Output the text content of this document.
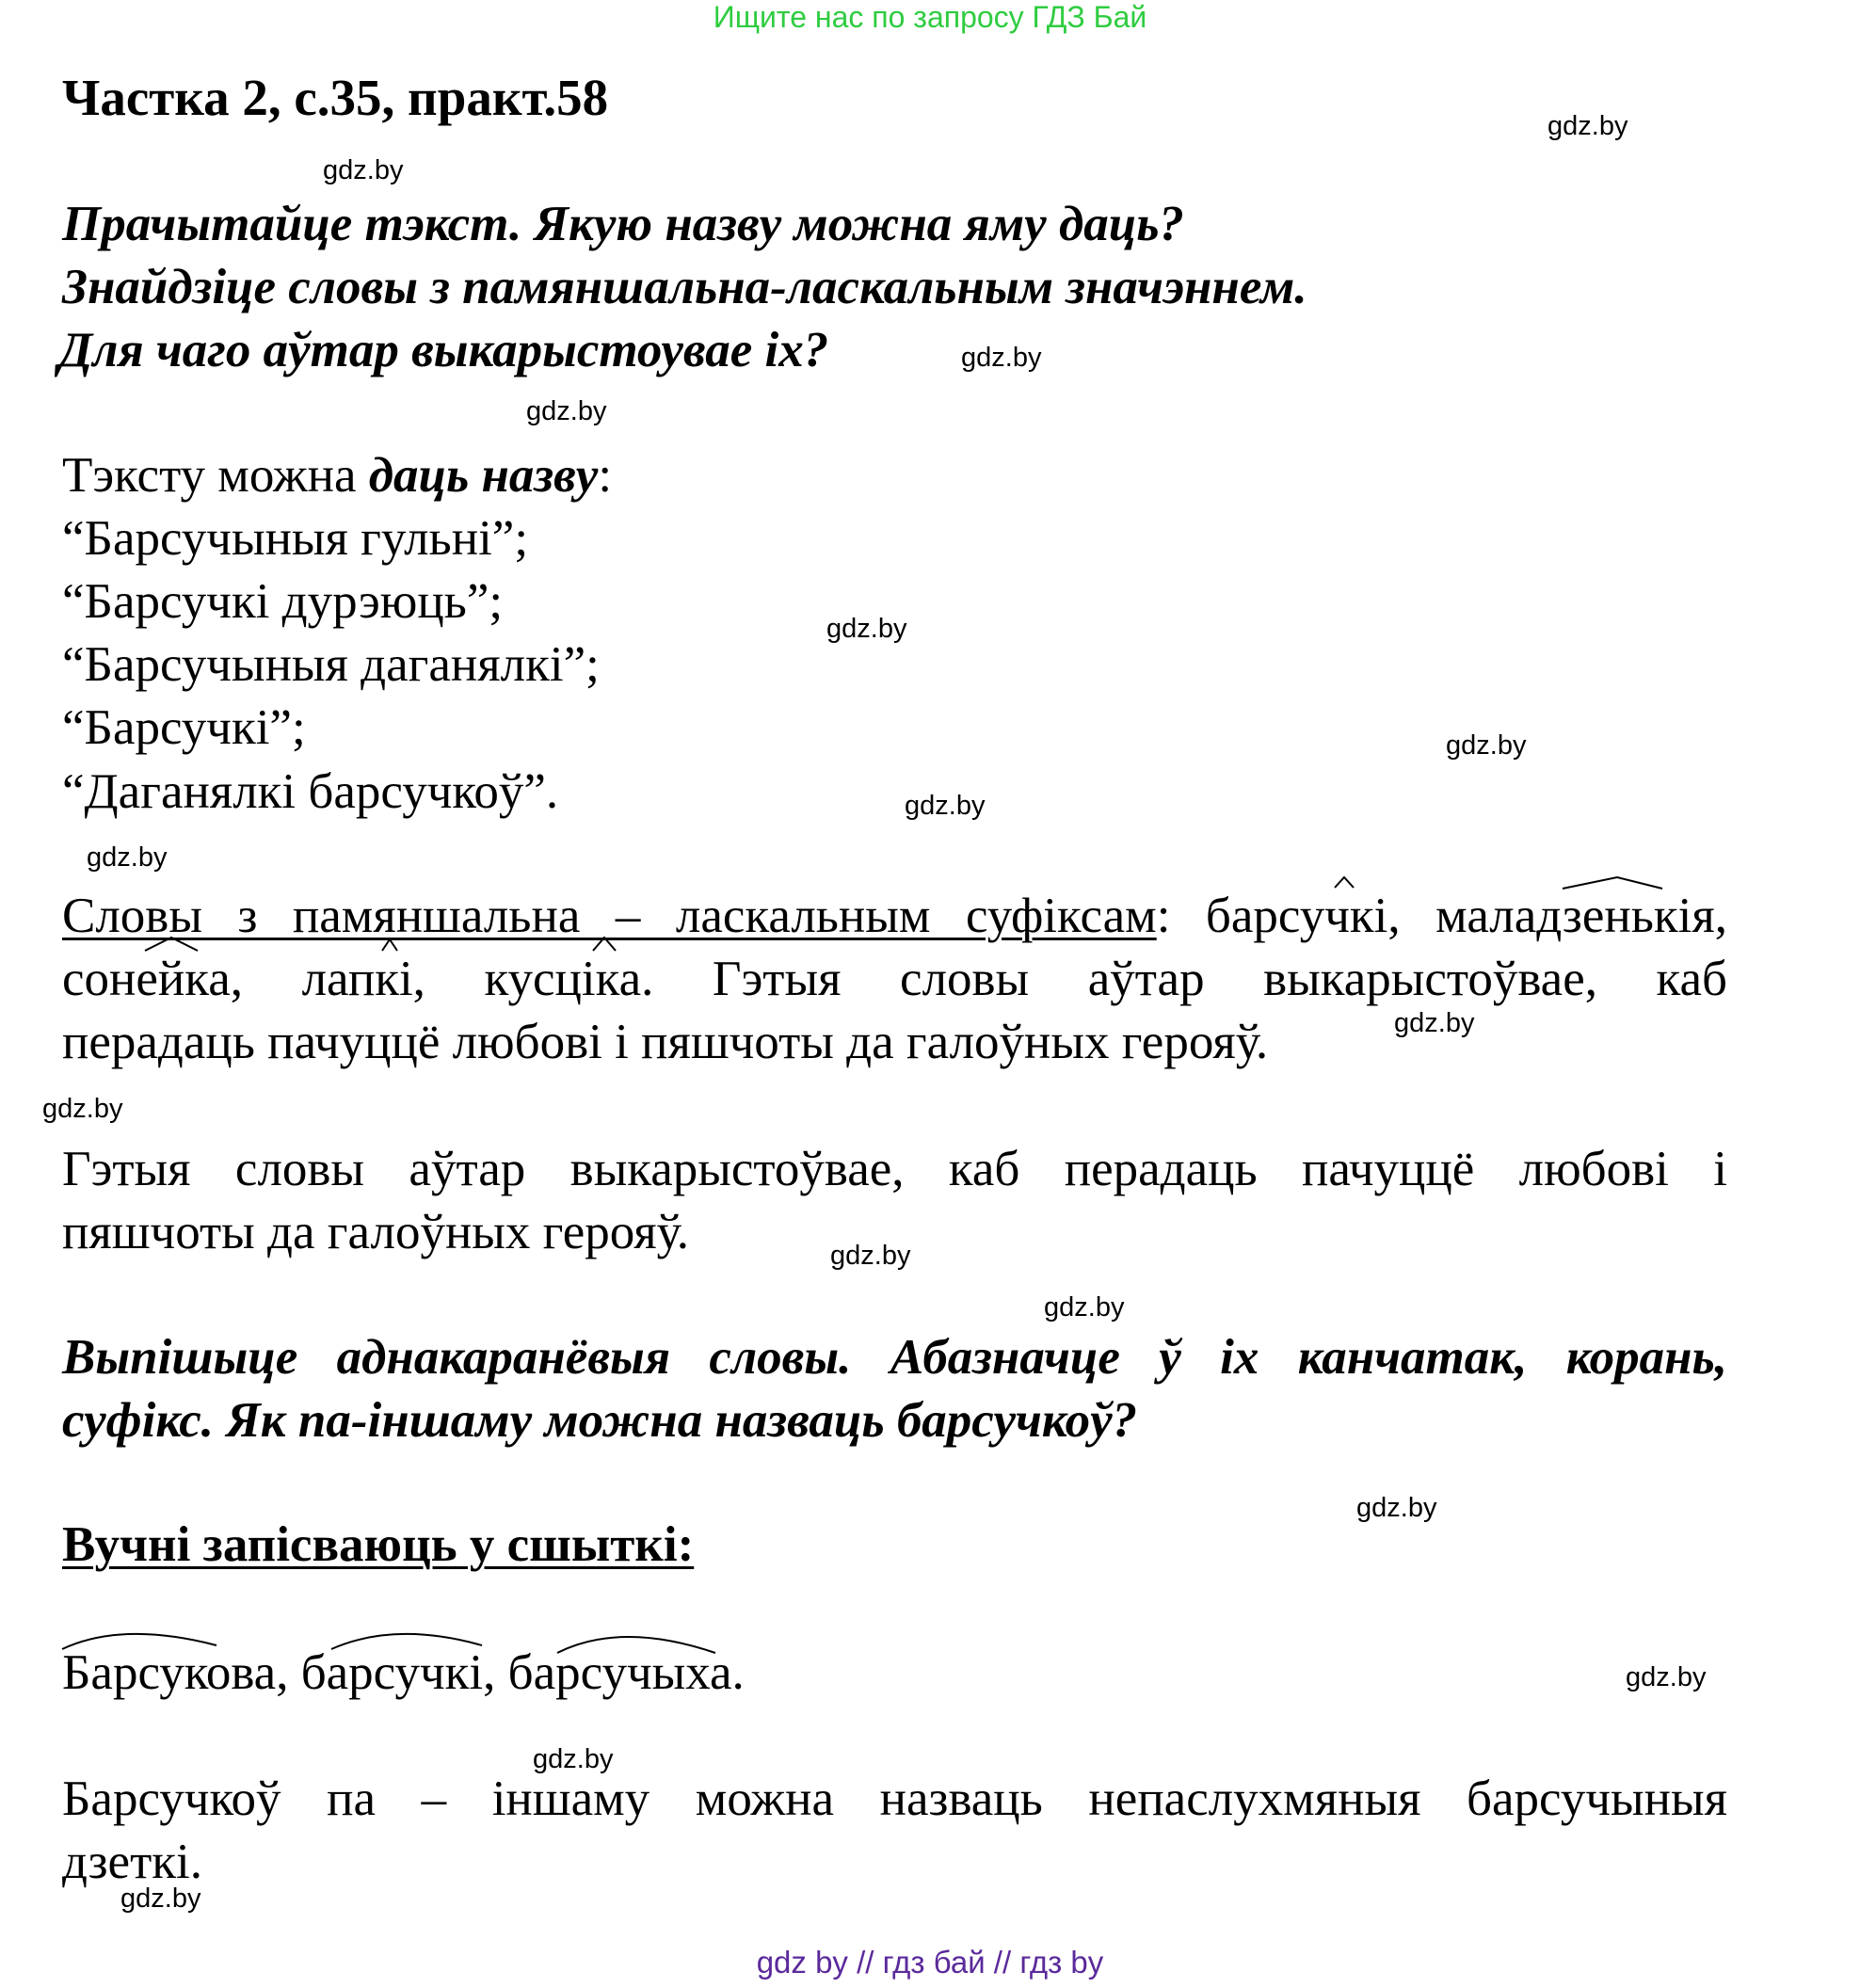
Ищите нас по запросу ГДЗ Бай
Частка 2, с.35, практ.58
Прачытайце тэкст. Якую назву можна яму даць?
Знайдзіце словы з памяншальна-ласкальным значэннем.
Для чаго аўтар выкарыстоувае іх?
Тэксту можна даць назву:
“Барсучыныя гульні”;
“Барсучкі дурэюць”;
“Барсучыныя даганялкі”;
“Барсучкі”;
“Даганялкі барсучкоў”.
Словы з памяншальна – ласкальным суфіксам: барсучкі, маладзенькія,
сонейка, лапкі, кусціка. Гэтыя словы аўтар выкарыстоўвае, каб
перадаць пачуццё любові і пяшчоты да галоўных герояў.
Гэтыя словы аўтар выкарыстоўвае, каб перадаць пачуццё любові і
пяшчоты да галоўных герояў.
Выпішыце аднакаранёвыя словы. Абазначце ў іх канчатак, корань,
суфікс. Як па-іншаму можна назваць барсучкоў?
Вучні запісваюць у сшыткі:
Барсукова, барсучкі, барсучыха.
Барсучкоў па – іншаму можна назваць непаслухмяныя барсучыныя
дзеткі.
gdz.by
gdz.by
gdz.by
gdz.by
gdz.by
gdz.by
gdz.by
gdz.by
gdz.by
gdz.by
gdz.by
gdz.by
gdz.by
gdz.by
gdz.by
gdz.by
gdz by // гдз бай // гдз by
